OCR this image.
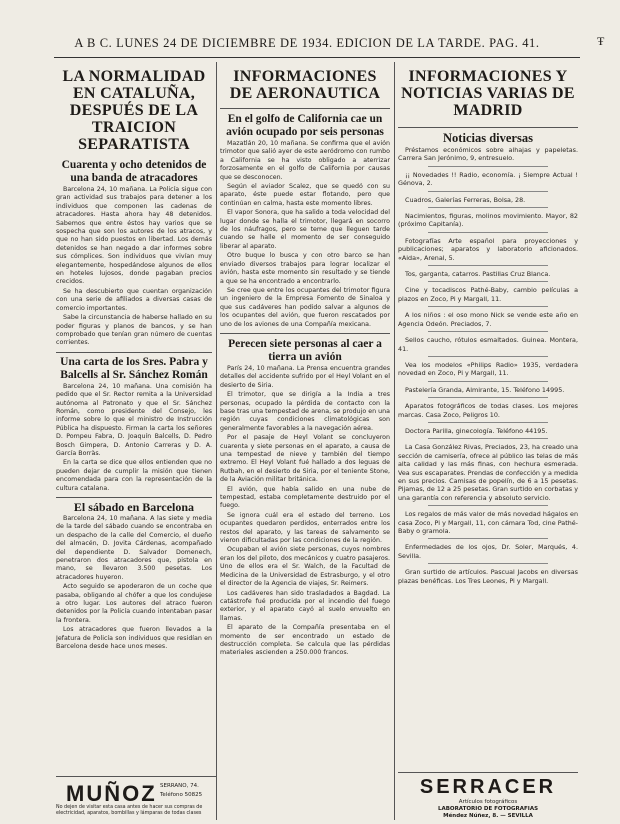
A B C. LUNES 24 DE DICIEMBRE DE 1934. EDICION DE LA TARDE. PAG. 41.	Ŧ
LA NORMALIDAD EN CATALUÑA, DESPUÉS DE LA TRAICION SEPARATISTA
Cuarenta y ocho detenidos de una banda de atracadores

Barcelona 24, 10 mañana. La Policía sigue con gran actividad sus trabajos para detener a los individuos que componen las cadenas de atracadores. Hasta ahora hay 48 detenidos. Sabemos que entre éstos hay varios que se sospecha que son los autores de los atracos, y que no han sido puestos en libertad. Los demás detenidos se han negado a dar informes sobre sus cómplices. Son individuos que vivían muy elegantemente, hospedándose algunos de ellos en hoteles lujosos, donde pagaban precios crecidos.

Se ha descubierto que cuentan organización con una serie de afiliados a diversas casas de comercio importantes.

Sabe la circunstancia de haberse hallado en su poder figuras y planos de bancos, y se han comprobado que tenían gran número de cuentas corrientes.

Una carta de los Sres. Pabra y Balcells al Sr. Sánchez Román

Barcelona 24, 10 mañana. Una comisión ha pedido que el Sr. Rector remita a la Universidad autónoma al Patronato y que el Sr. Sánchez Román, como presidente del Consejo, les informe sobre lo que el ministro de Instrucción Pública ha dispuesto. Firman la carta los señores D. Pompeu Fabra, D. Joaquín Balcells, D. Pedro Bosch Gimpera, D. Antonio Carreras y D. A. García Borràs.

En la carta se dice que ellos entienden que no pueden dejar de cumplir la misión que tienen encomendada para con la representación de la cultura catalana.

El sábado en Barcelona

Barcelona 24, 10 mañana. A las siete y media de la tarde del sábado cuando se encontraba en un despacho de la calle del Comercio, el dueño del almacén, D. Jovita Cárdenas, acompañado del dependiente D. Salvador Domenech, penetraron dos atracadores que, pistola en mano, se llevaron 3.500 pesetas. Los atracadores huyeron.

Acto seguido se apoderaron de un coche que pasaba, obligando al chófer a que los condujese a otro lugar. Los autores del atraco fueron detenidos por la Policía cuando intentaban pasar la frontera.

Los atracadores que fueron llevados a la Jefatura de Policía son individuos que residían en Barcelona desde hace unos meses.

MUÑOZ SERRANO, 74.
Teléfono 50825
No dejen de visitar esta casa antes de hacer sus compras de electricidad, aparatos, bombillas y lámparas de todas clases
INFORMACIONES DE AERONAUTICA
En el golfo de California cae un avión ocupado por seis personas

Mazatlán 20, 10 mañana. Se confirma que el avión trimotor que salió ayer de este aeródromo con rumbo a California se ha visto obligado a aterrizar forzosamente en el golfo de California por causas que se desconocen.

Según el aviador Scalez, que se quedó con su aparato, éste puede estar flotando, pero que continúan en calma, hasta este momento libres.

El vapor Sonora, que ha salido a toda velocidad del lugar donde se halla el trimotor, llegará en socorro de los náufragos, pero se teme que lleguen tarde cuando se halle el momento de ser conseguido liberar al aparato.

Otro buque lo busca y con otro barco se han enviado diversos trabajos para lograr localizar el avión, hasta este momento sin resultado y se tiende a que se ha encontrado a encontrarlo.

Se cree que entre los ocupantes del trimotor figura un ingeniero de la Empresa Fomento de Sinaloa y que sus cadáveres han podido salvar a algunos de los ocupantes del avión, que fueron rescatados por uno de los aviones de una Compañía mexicana.

Perecen siete personas al caer a tierra un avión

París 24, 10 mañana. La Prensa encuentra grandes detalles del accidente sufrido por el Heyl Volant en el desierto de Siria.

El trimotor, que se dirigía a la India a tres personas, ocupado la pérdida de contacto con la base tras una tempestad de arena, se produjo en una región cuyas condiciones climatológicas son generalmente favorables a la navegación aérea.

Por el pasaje de Heyl Volant se concluyeron cuarenta y siete personas en el aparato, a causa de una tempestad de nieve y también del tiempo extremo. El Heyl Volant fué hallado a dos leguas de Rutbah, en el desierto de Siria, por el teniente Stone, de la Aviación militar británica.

El avión, que había salido en una nube de tempestad, estaba completamente destruido por el fuego.

Se ignora cuál era el estado del terreno. Los ocupantes quedaron perdidos, enterrados entre los restos del aparato, y las tareas de salvamento se vieron dificultadas por las condiciones de la región.

Ocupaban el avión siete personas, cuyos nombres eran los del piloto, dos mecánicos y cuatro pasajeros. Uno de ellos era el Sr. Walch, de la Facultad de Medicina de la Universidad de Estrasburgo, y el otro el director de la Agencia de viajes, Sr. Reimers.

Los cadáveres han sido trasladados a Bagdad. La catástrofe fué producida por el incendio del fuego exterior, y el aparato cayó al suelo envuelto en llamas.

El aparato de la Compañía presentaba en el momento de ser encontrado un estado de destrucción completa. Se calcula que las pérdidas materiales ascienden a 250.000 francos.

INFORMACIONES Y NOTICIAS VARIAS DE MADRID
Noticias diversas

Préstamos económicos sobre alhajas y papeletas. Carrera San Jerónimo, 9, entresuelo.

¡¡ Novedades !! Radio, economía. ¡ Siempre Actual ! Génova, 2.

Cuadros, Galerías Ferreras, Bolsa, 28.

Nacimientos, figuras, molinos movimiento. Mayor, 82 (próximo Capitanía).

Fotografías Arte español para proyecciones y publicaciones; aparatos y laboratorio aficionados. «Aida», Arenal, 5.

Tos, garganta, catarros. Pastillas Cruz Blanca.

Cine y tocadiscos Pathé-Baby, cambio películas a plazos en Zoco, Pi y Margall, 11.

A los niños : el oso mono Nick se vende este año en Agencia Odeón. Preciados, 7.

Sellos caucho, rótulos esmaltados. Guinea. Montera, 41.

Vea los modelos «Philips Radio» 1935, verdadera novedad en Zoco, Pi y Margall, 11.

Pastelería Granda, Almirante, 15. Teléfono 14995.

Aparatos fotográficos de todas clases. Los mejores marcas. Casa Zoco, Peligros 10.

Doctora Parilla, ginecología. Teléfono 44195.

La Casa González Rivas, Preciados, 23, ha creado una sección de camisería, ofrece al público las telas de más alta calidad y las más finas, con hechura esmerada. Vea sus escaparates. Prendas de confección y a medida en sus precios. Camisas de popelín, de 6 a 15 pesetas. Pijamas, de 12 a 25 pesetas. Gran surtido en corbatas y una garantía con referencia y absoluto servicio.

Los regalos de más valor de más novedad hágalos en casa Zoco, Pi y Margall, 11, con cámara Tod, cine Pathé-Baby o gramola.

Enfermedades de los ojos, Dr. Soler, Marqués, 4. Sevilla.

Gran surtido de artículos. Pascual Jacobs en diversas plazas benéficas. Los Tres Leones, Pi y Margall.

SERRACER
Artículos fotográficos
LABORATORIO DE FOTOGRAFIAS
Méndez Núñez, 8. — SEVILLA
